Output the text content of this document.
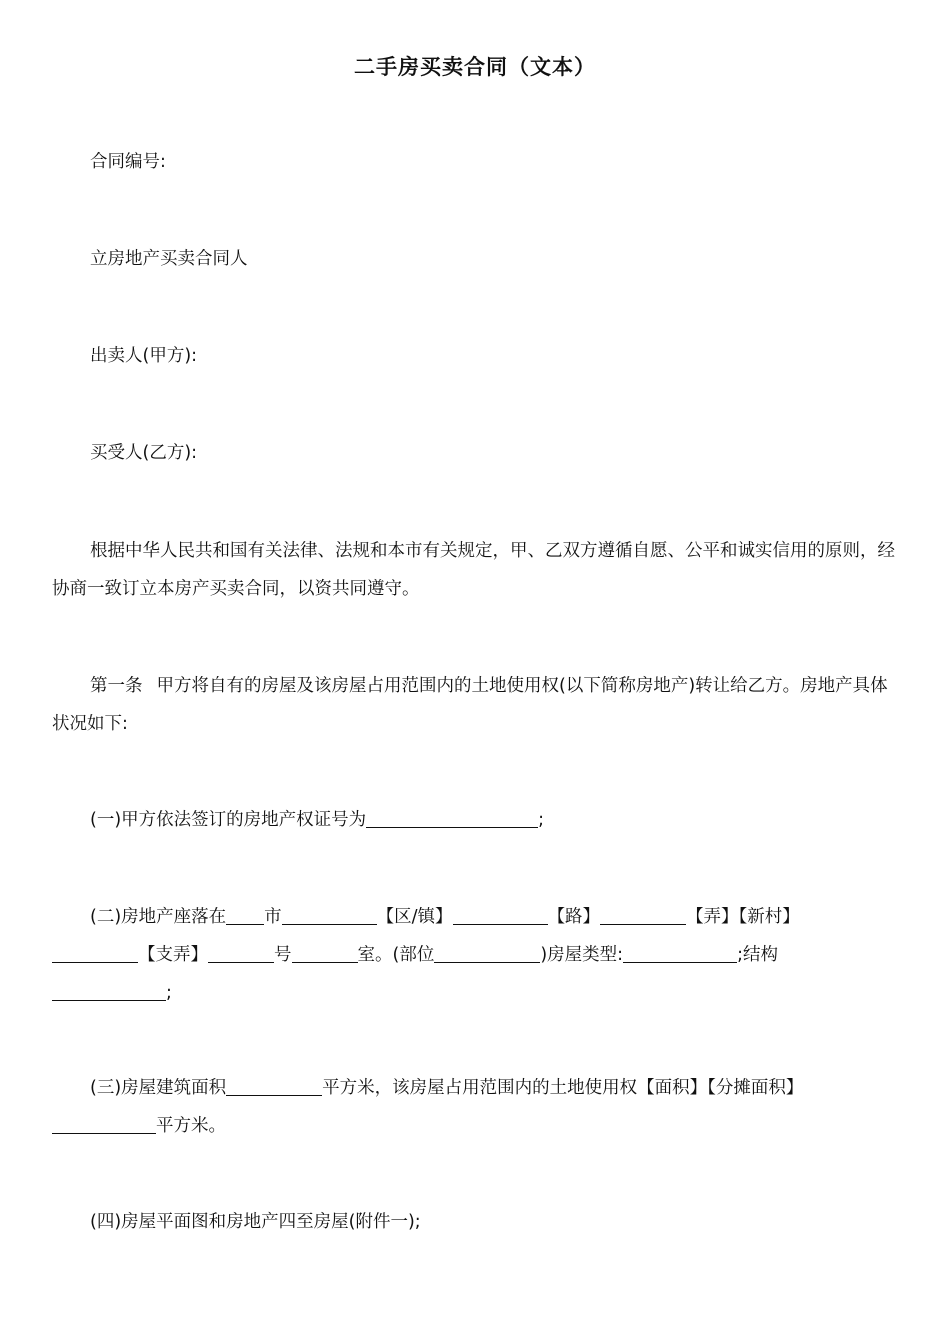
二手房买卖合同（文本）
合同编号:
立房地产买卖合同人
出卖人(甲方):
买受人(乙方):
根据中华人民共和国有关法律、法规和本市有关规定，甲、乙双方遵循自愿、公平和诚实信用的原则，经协商一致订立本房产买卖合同，以资共同遵守。
第一条 甲方将自有的房屋及该房屋占用范围内的土地使用权(以下简称房地产)转让给乙方。房地产具体状况如下:
(一)甲方依法签订的房地产权证号为	;
(二)房地产座落在 市	【区/镇】	【路】	【弄】【新村】【支弄】	号	室。(部位	)房屋类型:	;结构;
(三)房屋建筑面积	平方米，该房屋占用范围内的土地使用权【面积】【分摊面积】平方米。
(四)房屋平面图和房地产四至房屋(附件一);
